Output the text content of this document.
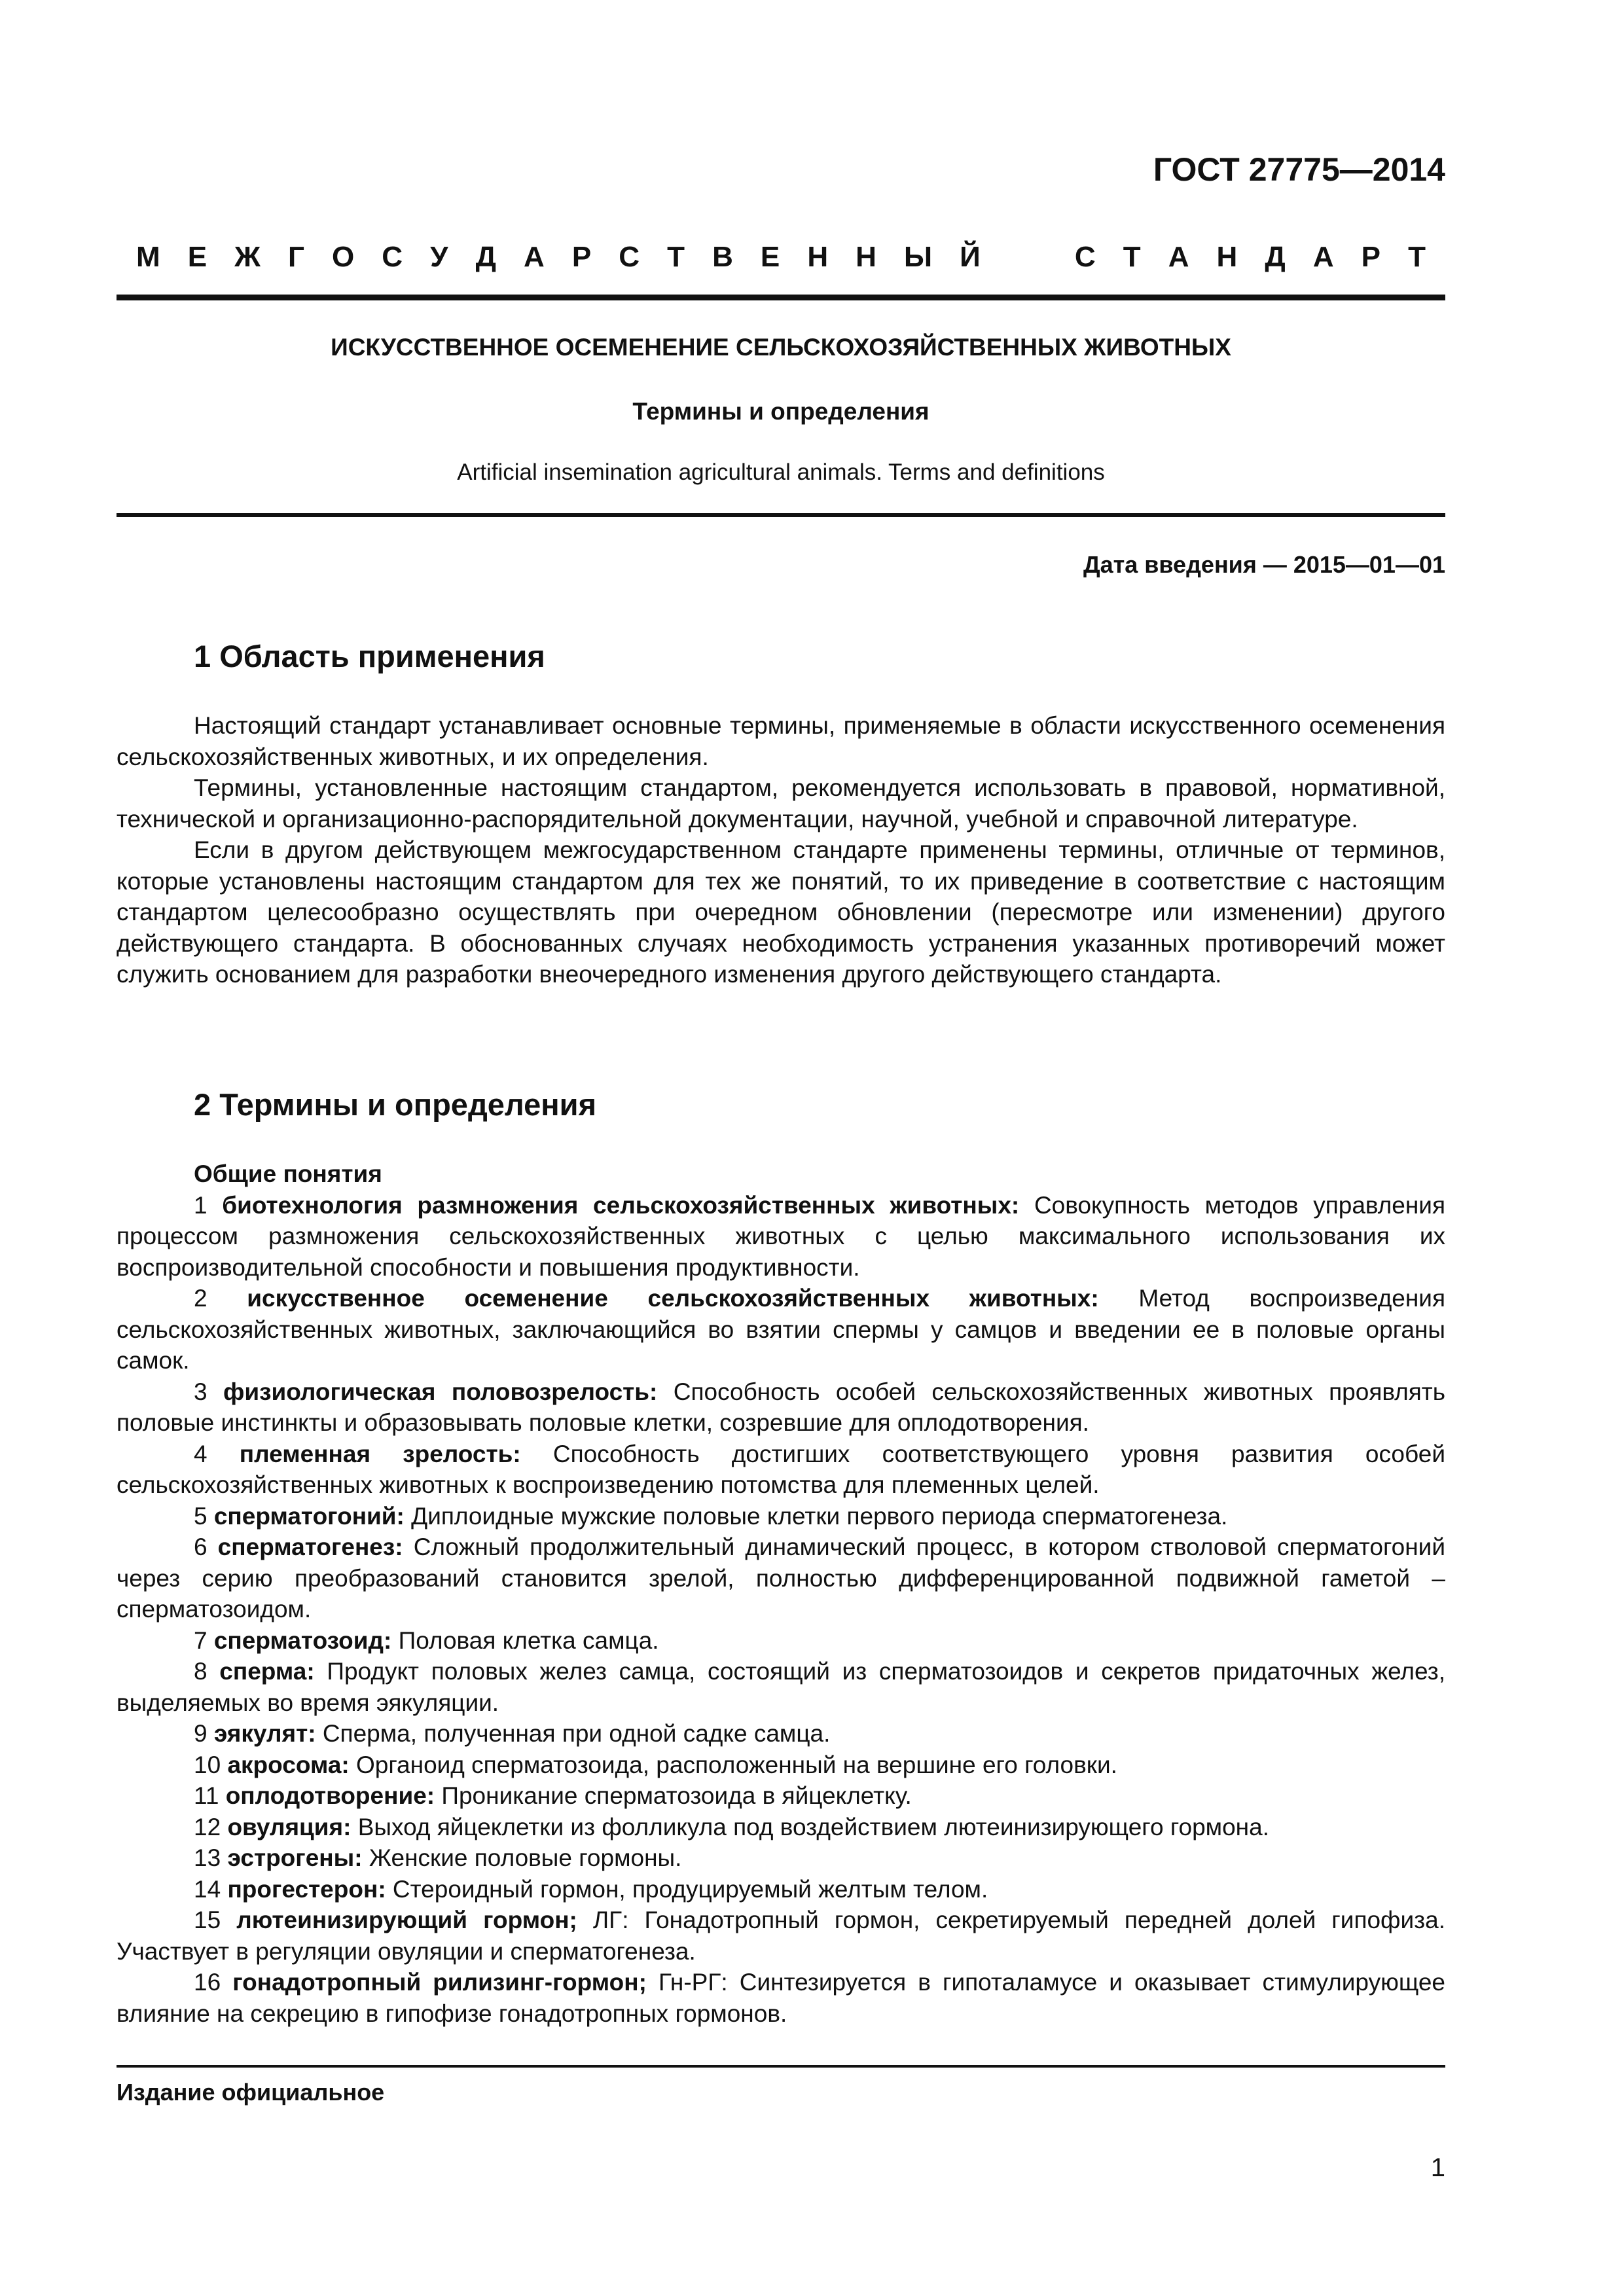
ГОСТ 27775—2014
М Е Ж Г О С У Д А Р С Т В Е Н Н Ы Й	С Т А Н Д А Р Т
ИСКУССТВЕННОЕ ОСЕМЕНЕНИЕ СЕЛЬСКОХОЗЯЙСТВЕННЫХ ЖИВОТНЫХ
Термины и определения
Artificial insemination agricultural animals. Terms and definitions
Дата введения — 2015—01—01
1 Область применения

Настоящий стандарт устанавливает основные термины, применяемые в области искусственного осеменения сельскохозяйственных животных, и их определения.

Термины, установленные настоящим стандартом, рекомендуется использовать в правовой, нормативной, технической и организационно-распорядительной документации, научной, учебной и справочной литературе.

Если в другом действующем межгосударственном стандарте применены термины, отличные от терминов, которые установлены настоящим стандартом для тех же понятий, то их приведение в соответствие с настоящим стандартом целесообразно осуществлять при очередном обновлении (пересмотре или изменении) другого действующего стандарта. В обоснованных случаях необходимость устранения указанных противоречий может служить основанием для разработки внеочередного изменения другого действующего стандарта.

2 Термины и определения

Общие понятия

1 биотехнология размножения сельскохозяйственных животных: Совокупность методов управления процессом размножения сельскохозяйственных животных с целью максимального использования их воспроизводительной способности и повышения продуктивности.

2 искусственное осеменение сельскохозяйственных животных: Метод воспроизведения сельскохозяйственных животных, заключающийся во взятии спермы у самцов и введении ее в половые органы самок.

3 физиологическая половозрелость: Способность особей сельскохозяйственных животных проявлять половые инстинкты и образовывать половые клетки, созревшие для оплодотворения.

4 племенная зрелость: Способность достигших соответствующего уровня развития особей сельскохозяйственных животных к воспроизведению потомства для племенных целей.

5 сперматогоний: Диплоидные мужские половые клетки первого периода сперматогенеза.

6 сперматогенез: Сложный продолжительный динамический процесс, в котором стволовой сперматогоний через серию преобразований становится зрелой, полностью дифференцированной подвижной гаметой – сперматозоидом.

7 сперматозоид: Половая клетка самца.

8 сперма: Продукт половых желез самца, состоящий из сперматозоидов и секретов придаточных желез, выделяемых во время эякуляции.

9 эякулят: Сперма, полученная при одной садке самца.

10 акросома: Органоид сперматозоида, расположенный на вершине его головки.

11 оплодотворение: Проникание сперматозоида в яйцеклетку.

12 овуляция: Выход яйцеклетки из фолликула под воздействием лютеинизирующего гормона.

13 эстрогены: Женские половые гормоны.

14 прогестерон: Стероидный гормон, продуцируемый желтым телом.

15 лютеинизирующий гормон; ЛГ: Гонадотропный гормон, секретируемый передней долей гипофиза. Участвует в регуляции овуляции и сперматогенеза.

16 гонадотропный рилизинг-гормон; Гн-РГ: Синтезируется в гипоталамусе и оказывает стимулирующее влияние на секрецию в гипофизе гонадотропных гормонов.

Издание официальное
1
